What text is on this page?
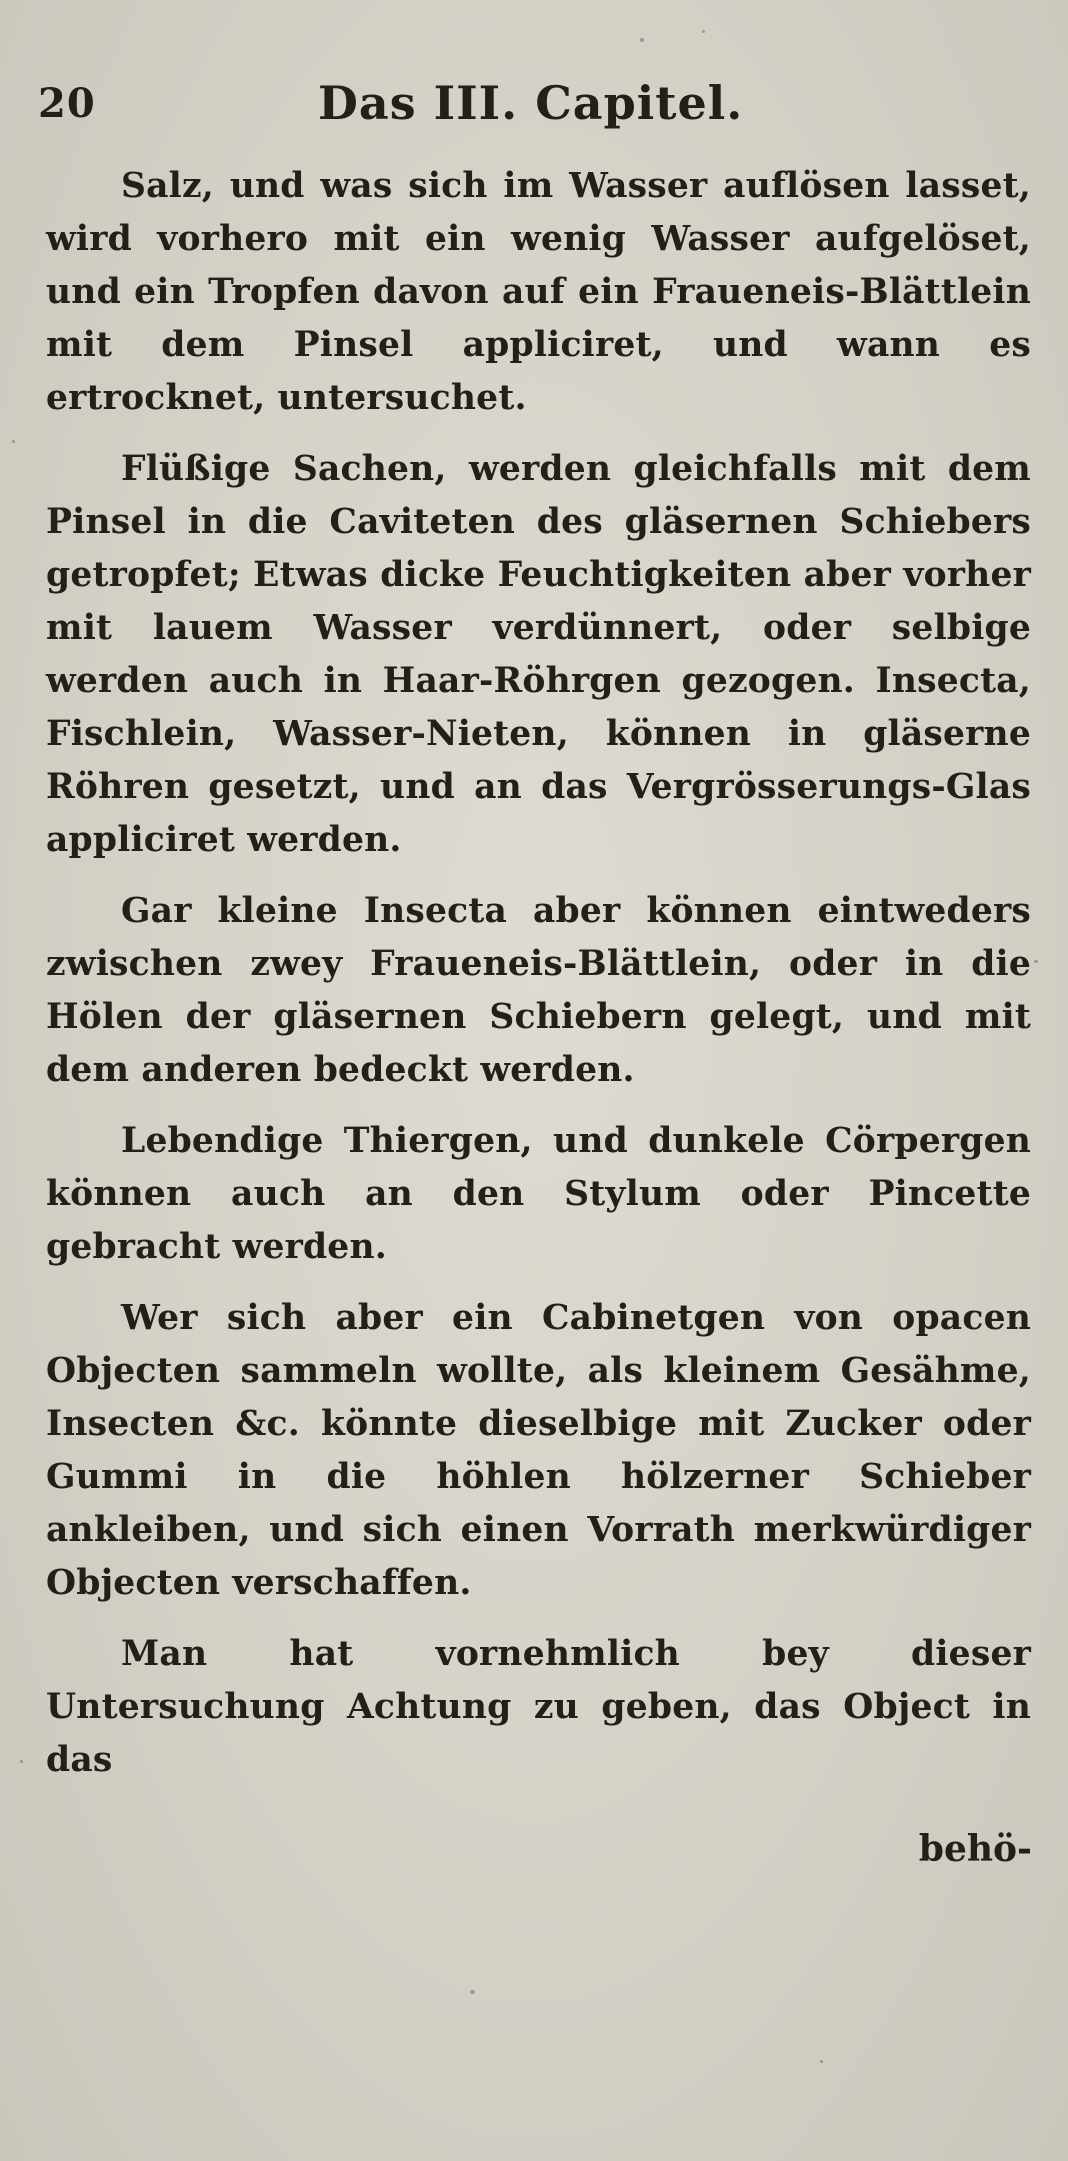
20	Das III. Capitel.

Salz, und was sich im Wasser auflösen lasset, wird vorhero mit ein wenig Wasser aufgelöset, und ein Tropfen davon auf ein Fraueneis-Blättlein mit dem Pinsel appliciret, und wann es ertrocknet, untersuchet.

Flüßige Sachen, werden gleichfalls mit dem Pinsel in die Caviteten des gläsernen Schiebers getropfet; Etwas dicke Feuchtigkeiten aber vorher mit lauem Wasser verdünnert, oder selbige werden auch in Haar-Röhrgen gezogen. Insecta, Fischlein, Wasser-Nieten, können in gläserne Röhren gesetzt, und an das Vergrösserungs-Glas appliciret werden.

Gar kleine Insecta aber können eintweders zwischen zwey Fraueneis-Blättlein, oder in die Hölen der gläsernen Schiebern gelegt, und mit dem anderen bedeckt werden.

Lebendige Thiergen, und dunkele Cörpergen können auch an den Stylum oder Pincette gebracht werden.

Wer sich aber ein Cabinetgen von opacen Objecten sammeln wollte, als kleinem Gesähme, Insecten &c. könnte dieselbige mit Zucker oder Gummi in die höhlen hölzerner Schieber ankleiben, und sich einen Vorrath merkwürdiger Objecten verschaffen.

Man hat vornehmlich bey dieser Untersuchung Achtung zu geben, das Object in das

behö-
